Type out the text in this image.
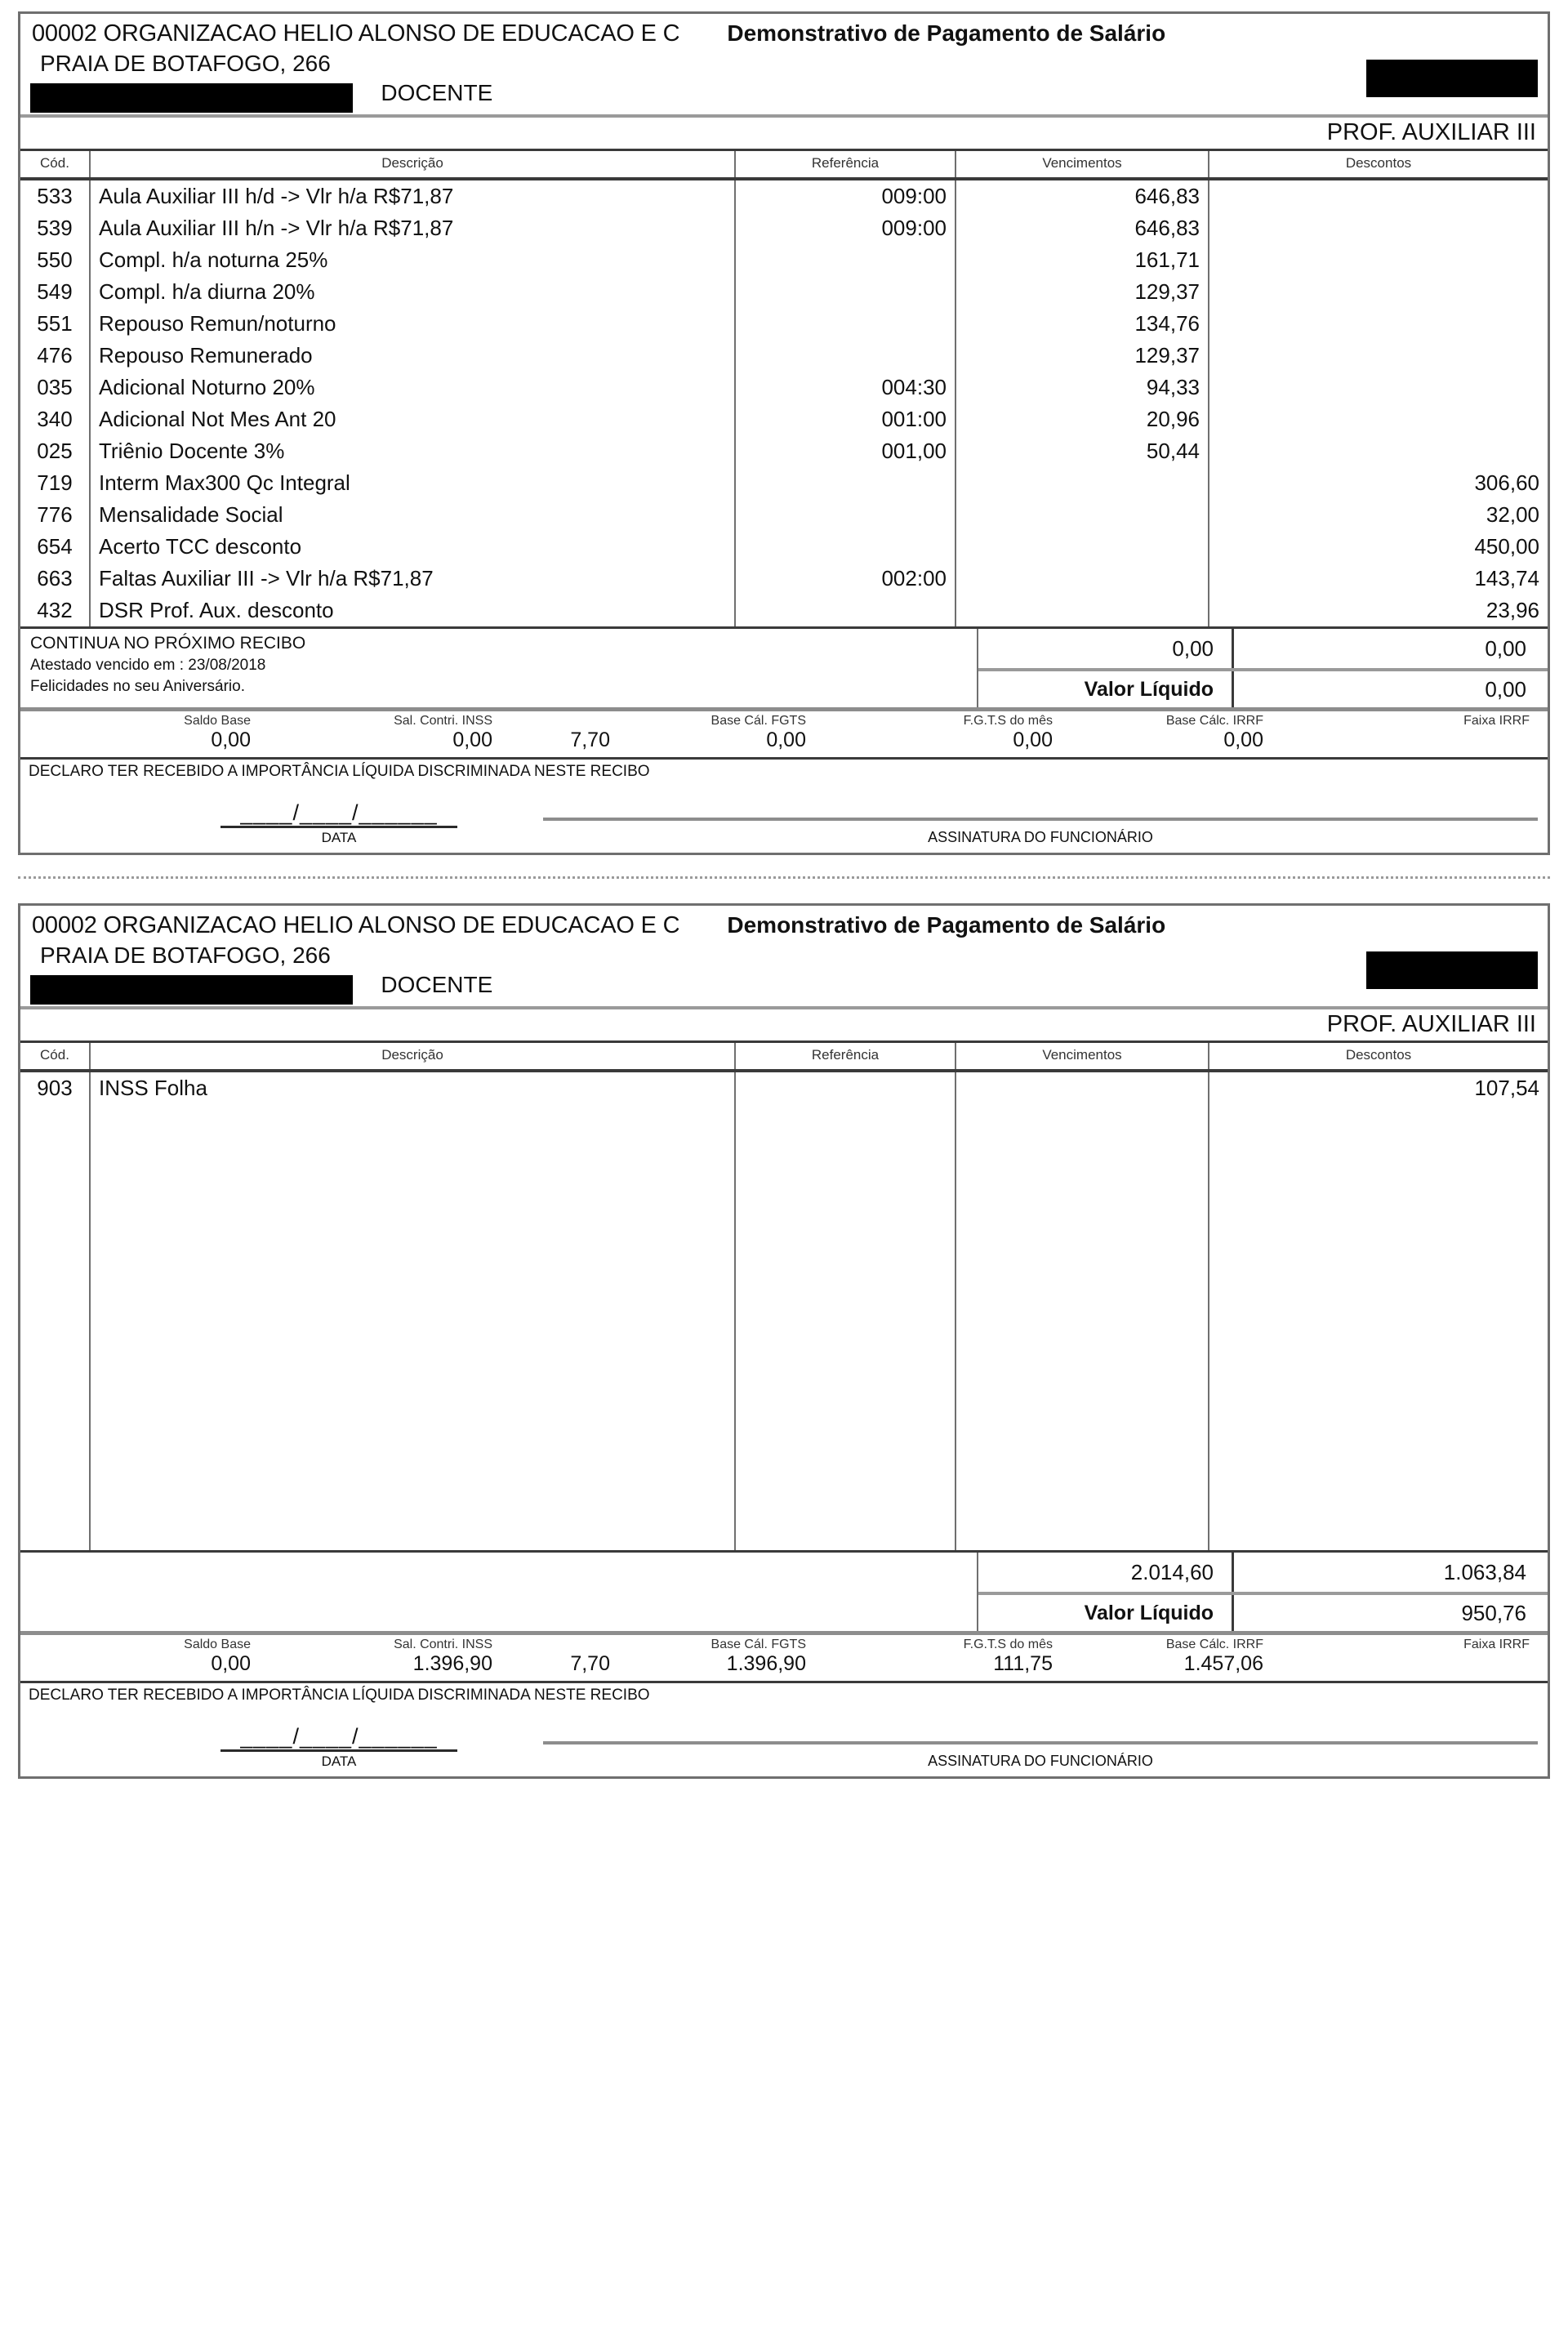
00002 ORGANIZACAO HELIO ALONSO DE EDUCACAO E C Demonstrativo de Pagamento de Salário
PRAIA DE BOTAFOGO, 266
DOCENTE
PROF. AUXILIAR III
Cód.	Descrição	Referência	Vencimentos	Descontos
533	Aula Auxiliar III h/d -> Vlr h/a R$71,87	009:00	646,83	
539	Aula Auxiliar III h/n -> Vlr h/a R$71,87	009:00	646,83	
550	Compl. h/a noturna 25%		161,71	
549	Compl. h/a diurna 20%		129,37	
551	Repouso Remun/noturno		134,76	
476	Repouso Remunerado		129,37	
035	Adicional Noturno 20%	004:30	94,33	
340	Adicional Not Mes Ant 20	001:00	20,96	
025	Triênio Docente 3%	001,00	50,44	
719	Interm Max300 Qc Integral			306,60
776	Mensalidade Social			32,00
654	Acerto TCC desconto			450,00
663	Faltas Auxiliar III -> Vlr h/a R$71,87	002:00		143,74
432	DSR Prof. Aux. desconto			23,96
CONTINUA NO PRÓXIMO RECIBO
Atestado vencido em : 23/08/2018
Felicidades no seu Aniversário.
0,00	0,00
Valor Líquido	0,00
Saldo Base	Sal. Contri. INSS	Base Cál. FGTS	F.G.T.S do mês	Base Cálc. IRRF	Faixa IRRF
0,00	0,00	7,70	0,00	0,00	0,00
DECLARO TER RECEBIDO A IMPORTÂNCIA LÍQUIDA DISCRIMINADA NESTE RECIBO
____/____/______
DATA	ASSINATURA DO FUNCIONÁRIO
00002 ORGANIZACAO HELIO ALONSO DE EDUCACAO E C Demonstrativo de Pagamento de Salário
PRAIA DE BOTAFOGO, 266
DOCENTE
PROF. AUXILIAR III
Cód.	Descrição	Referência	Vencimentos	Descontos
903	INSS Folha			107,54

2.014,60	1.063,84
Valor Líquido	950,76
Saldo Base	Sal. Contri. INSS	Base Cál. FGTS	F.G.T.S do mês	Base Cálc. IRRF	Faixa IRRF
0,00	1.396,90	7,70	1.396,90	111,75	1.457,06
DECLARO TER RECEBIDO A IMPORTÂNCIA LÍQUIDA DISCRIMINADA NESTE RECIBO
____/____/______
DATA	ASSINATURA DO FUNCIONÁRIO
